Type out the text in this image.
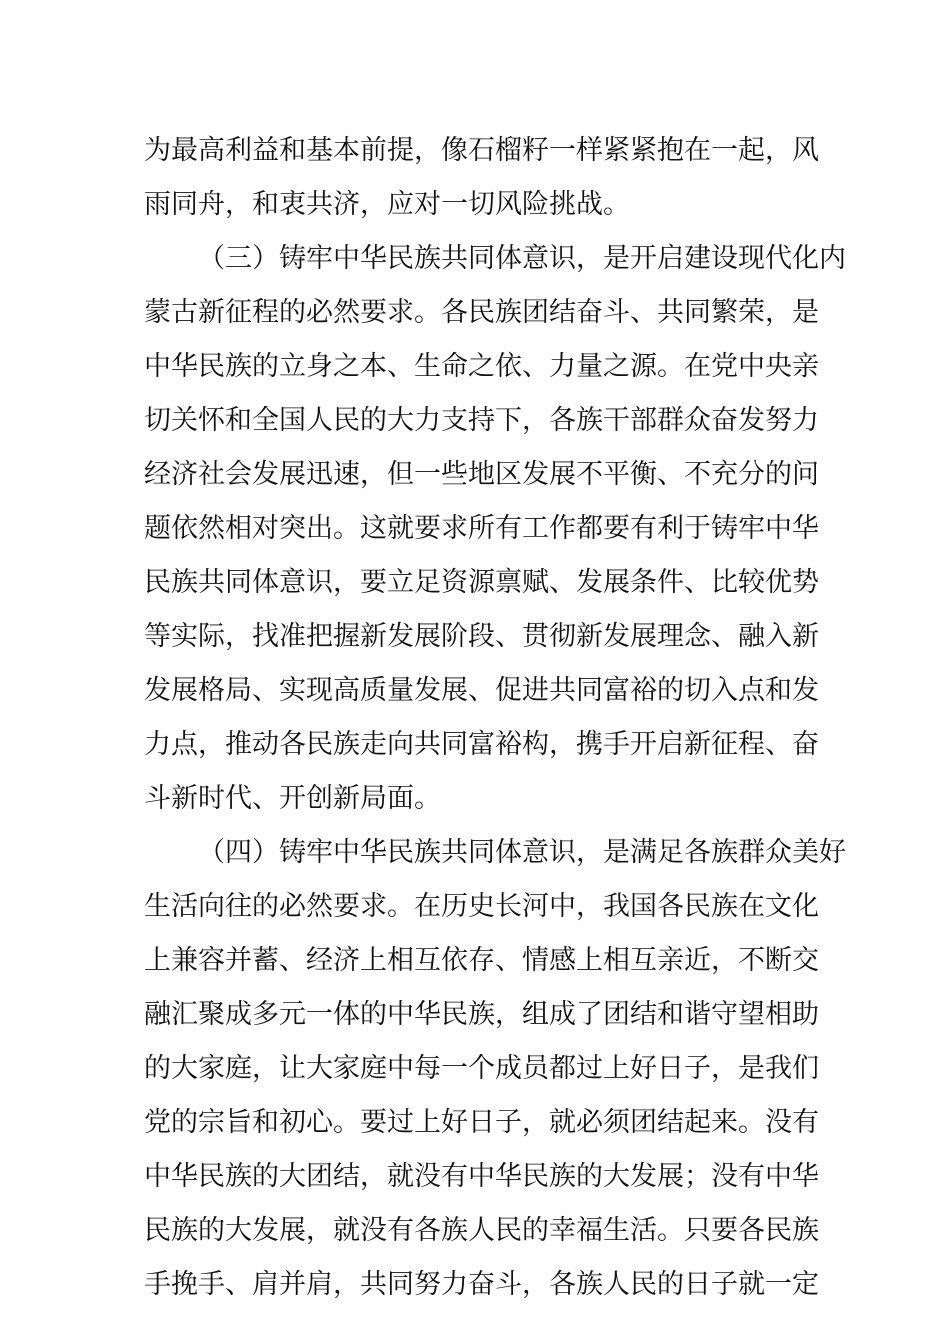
为最高利益和基本前提，像石榴籽一样紧紧抱在一起，风
雨同舟，和衷共济，应对一切风险挑战。
（三）铸牢中华民族共同体意识，是开启建设现代化内
蒙古新征程的必然要求。各民族团结奋斗、共同繁荣，是
中华民族的立身之本、生命之依、力量之源。在党中央亲
切关怀和全国人民的大力支持下，各族干部群众奋发努力
经济社会发展迅速，但一些地区发展不平衡、不充分的问
题依然相对突出。这就要求所有工作都要有利于铸牢中华
民族共同体意识，要立足资源禀赋、发展条件、比较优势
等实际，找准把握新发展阶段、贯彻新发展理念、融入新
发展格局、实现高质量发展、促进共同富裕的切入点和发
力点，推动各民族走向共同富裕构，携手开启新征程、奋
斗新时代、开创新局面。
（四）铸牢中华民族共同体意识，是满足各族群众美好
生活向往的必然要求。在历史长河中，我国各民族在文化
上兼容并蓄、经济上相互依存、情感上相互亲近，不断交
融汇聚成多元一体的中华民族，组成了团结和谐守望相助
的大家庭，让大家庭中每一个成员都过上好日子，是我们
党的宗旨和初心。要过上好日子，就必须团结起来。没有
中华民族的大团结，就没有中华民族的大发展；没有中华
民族的大发展，就没有各族人民的幸福生活。只要各民族
手挽手、肩并肩，共同努力奋斗，各族人民的日子就一定
